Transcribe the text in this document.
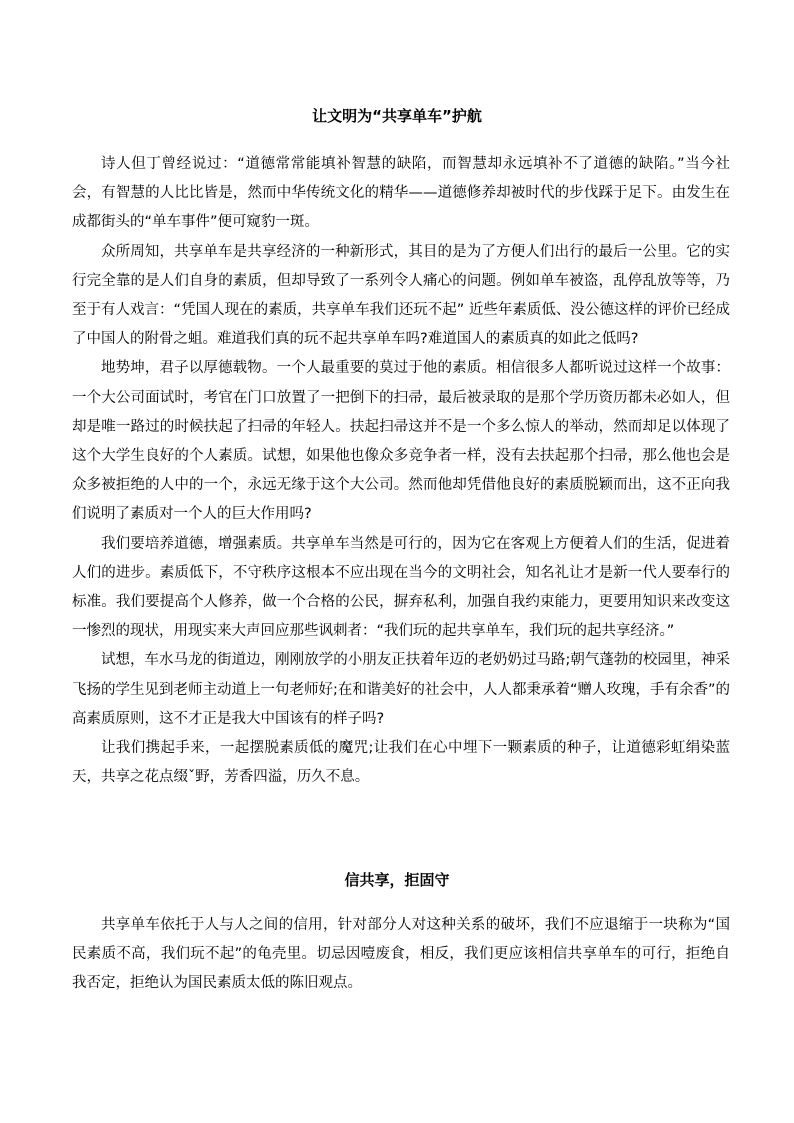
让文明为“共享单车”护航

诗人但丁曾经说过：“道德常常能填补智慧的缺陷，而智慧却永远填补不了道德的缺陷。”当今社会，有智慧的人比比皆是，然而中华传统文化的精华——道德修养却被时代的步伐踩于足下。由发生在成都街头的“单车事件”便可窥豹一斑。

众所周知，共享单车是共享经济的一种新形式，其目的是为了方便人们出行的最后一公里。它的实行完全靠的是人们自身的素质，但却导致了一系列令人痛心的问题。例如单车被盗，乱停乱放等等，乃至于有人戏言：“凭国人现在的素质，共享单车我们还玩不起” 近些年素质低、没公德这样的评价已经成了中国人的附骨之蛆。难道我们真的玩不起共享单车吗?难道国人的素质真的如此之低吗?

地势坤，君子以厚德载物。一个人最重要的莫过于他的素质。相信很多人都听说过这样一个故事：一个大公司面试时，考官在门口放置了一把倒下的扫帚，最后被录取的是那个学历资历都未必如人，但却是唯一路过的时候扶起了扫帚的年轻人。扶起扫帚这并不是一个多么惊人的举动，然而却足以体现了这个大学生良好的个人素质。试想，如果他也像众多竞争者一样，没有去扶起那个扫帚，那么他也会是众多被拒绝的人中的一个，永远无缘于这个大公司。然而他却凭借他良好的素质脱颖而出，这不正向我们说明了素质对一个人的巨大作用吗?

我们要培养道德，增强素质。共享单车当然是可行的，因为它在客观上方便着人们的生活，促进着人们的进步。素质低下，不守秩序这根本不应出现在当今的文明社会，知名礼让才是新一代人要奉行的标准。我们要提高个人修养，做一个合格的公民，摒弃私利，加强自我约束能力，更要用知识来改变这一惨烈的现状，用现实来大声回应那些讽刺者：“我们玩的起共享单车，我们玩的起共享经济。”

试想，车水马龙的街道边，刚刚放学的小朋友正扶着年迈的老奶奶过马路;朝气蓬勃的校园里，神采飞扬的学生见到老师主动道上一句老师好;在和谐美好的社会中，人人都秉承着“赠人玫瑰，手有余香”的高素质原则，这不才正是我大中国该有的样子吗?

让我们携起手来，一起摆脱素质低的魔咒;让我们在心中埋下一颗素质的种子，让道德彩虹绢染蓝天，共享之花点缀ˇ野，芳香四溢，历久不息。

信共享，拒固守

共享单车依托于人与人之间的信用，针对部分人对这种关系的破坏，我们不应退缩于一块称为“国民素质不高，我们玩不起”的龟壳里。切忌因噎废食，相反，我们更应该相信共享单车的可行，拒绝自我否定，拒绝认为国民素质太低的陈旧观点。
